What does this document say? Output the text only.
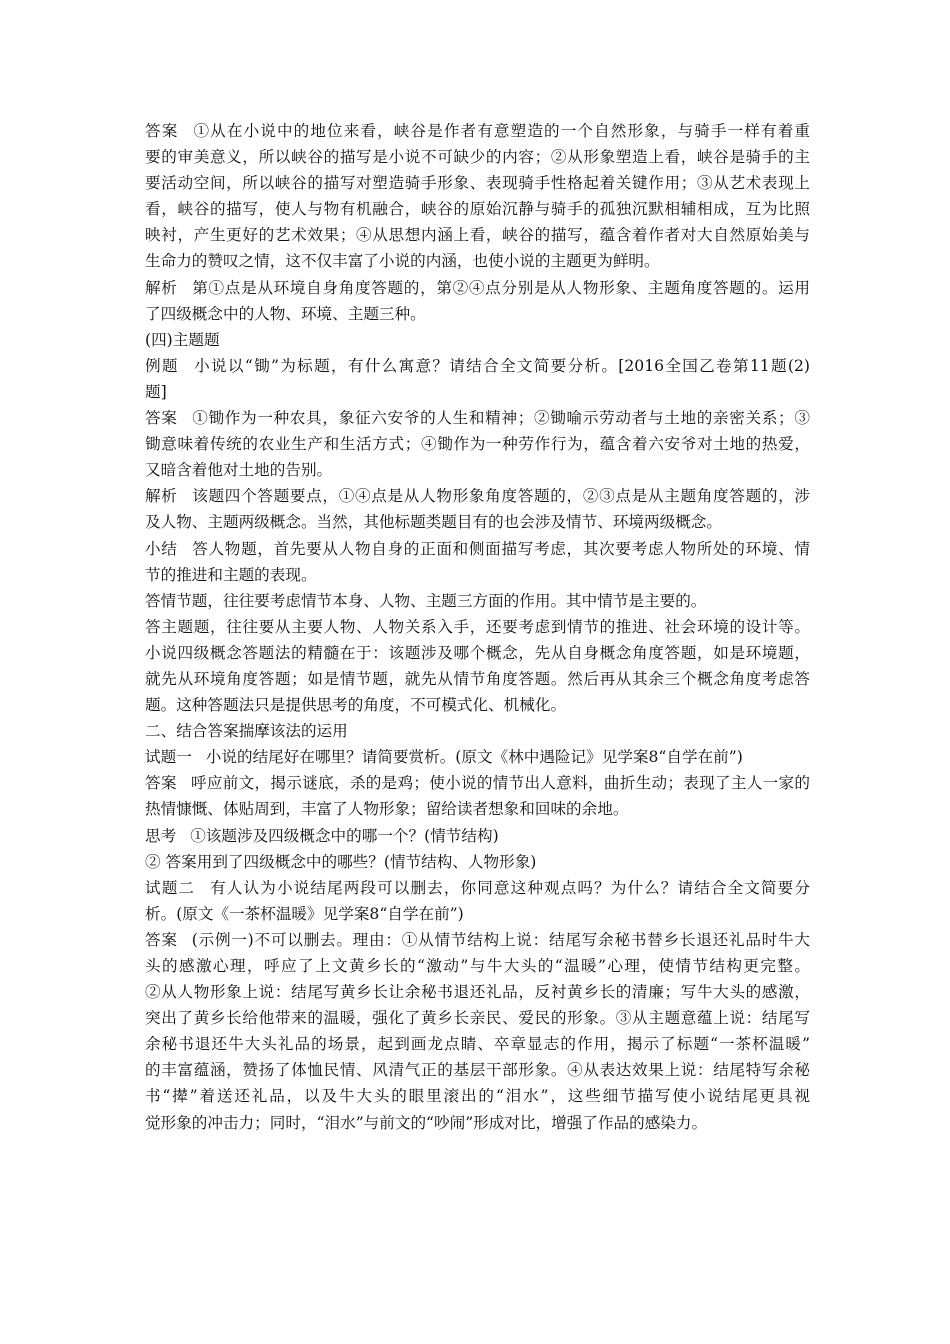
答案 ①从在小说中的地位来看，峡谷是作者有意塑造的一个自然形象，与骑手一样有着重
要的审美意义，所以峡谷的描写是小说不可缺少的内容；②从形象塑造上看，峡谷是骑手的主
要活动空间，所以峡谷的描写对塑造骑手形象、表现骑手性格起着关键作用；③从艺术表现上
看，峡谷的描写，使人与物有机融合，峡谷的原始沉静与骑手的孤独沉默相辅相成，互为比照
映衬，产生更好的艺术效果；④从思想内涵上看，峡谷的描写，蕴含着作者对大自然原始美与
生命力的赞叹之情，这不仅丰富了小说的内涵，也使小说的主题更为鲜明。
解析 第①点是从环境自身角度答题的，第②④点分别是从人物形象、主题角度答题的。运用
了四级概念中的人物、环境、主题三种。
(四)主题题
例题 小说以“锄”为标题，有什么寓意？请结合全文简要分析。[2016全国乙卷第11题(2)
题]
答案 ①锄作为一种农具，象征六安爷的人生和精神；②锄喻示劳动者与土地的亲密关系；③
锄意味着传统的农业生产和生活方式；④锄作为一种劳作行为，蕴含着六安爷对土地的热爱，
又暗含着他对土地的告别。
解析 该题四个答题要点，①④点是从人物形象角度答题的，②③点是从主题角度答题的，涉
及人物、主题两级概念。当然，其他标题类题目有的也会涉及情节、环境两级概念。
小结 答人物题，首先要从人物自身的正面和侧面描写考虑，其次要考虑人物所处的环境、情
节的推进和主题的表现。
答情节题，往往要考虑情节本身、人物、主题三方面的作用。其中情节是主要的。
答主题题，往往要从主要人物、人物关系入手，还要考虑到情节的推进、社会环境的设计等。
小说四级概念答题法的精髓在于：该题涉及哪个概念，先从自身概念角度答题，如是环境题，
就先从环境角度答题；如是情节题，就先从情节角度答题。然后再从其余三个概念角度考虑答
题。这种答题法只是提供思考的角度，不可模式化、机械化。
二、结合答案揣摩该法的运用
试题一 小说的结尾好在哪里？请简要赏析。(原文《林中遇险记》见学案8“自学在前”)
答案 呼应前文，揭示谜底，杀的是鸡；使小说的情节出人意料，曲折生动；表现了主人一家的
热情慷慨、体贴周到，丰富了人物形象；留给读者想象和回味的余地。
思考 ①该题涉及四级概念中的哪一个？(情节结构)
② 答案用到了四级概念中的哪些？(情节结构、人物形象)
试题二 有人认为小说结尾两段可以删去，你同意这种观点吗？为什么？请结合全文简要分
析。(原文《一茶杯温暖》见学案8“自学在前”)
答案 (示例一)不可以删去。理由：①从情节结构上说：结尾写余秘书替乡长退还礼品时牛大
头的感激心理，呼应了上文黄乡长的“激动”与牛大头的“温暖”心理，使情节结构更完整。
②从人物形象上说：结尾写黄乡长让余秘书退还礼品，反衬黄乡长的清廉；写牛大头的感激，
突出了黄乡长给他带来的温暖，强化了黄乡长亲民、爱民的形象。③从主题意蕴上说：结尾写
余秘书退还牛大头礼品的场景，起到画龙点睛、卒章显志的作用，揭示了标题“一茶杯温暖”
的丰富蕴涵，赞扬了体恤民情、风清气正的基层干部形象。④从表达效果上说：结尾特写余秘
书“撵”着送还礼品，以及牛大头的眼里滚出的“泪水”，这些细节描写使小说结尾更具视
觉形象的冲击力；同时，“泪水”与前文的“吵闹”形成对比，增强了作品的感染力。
